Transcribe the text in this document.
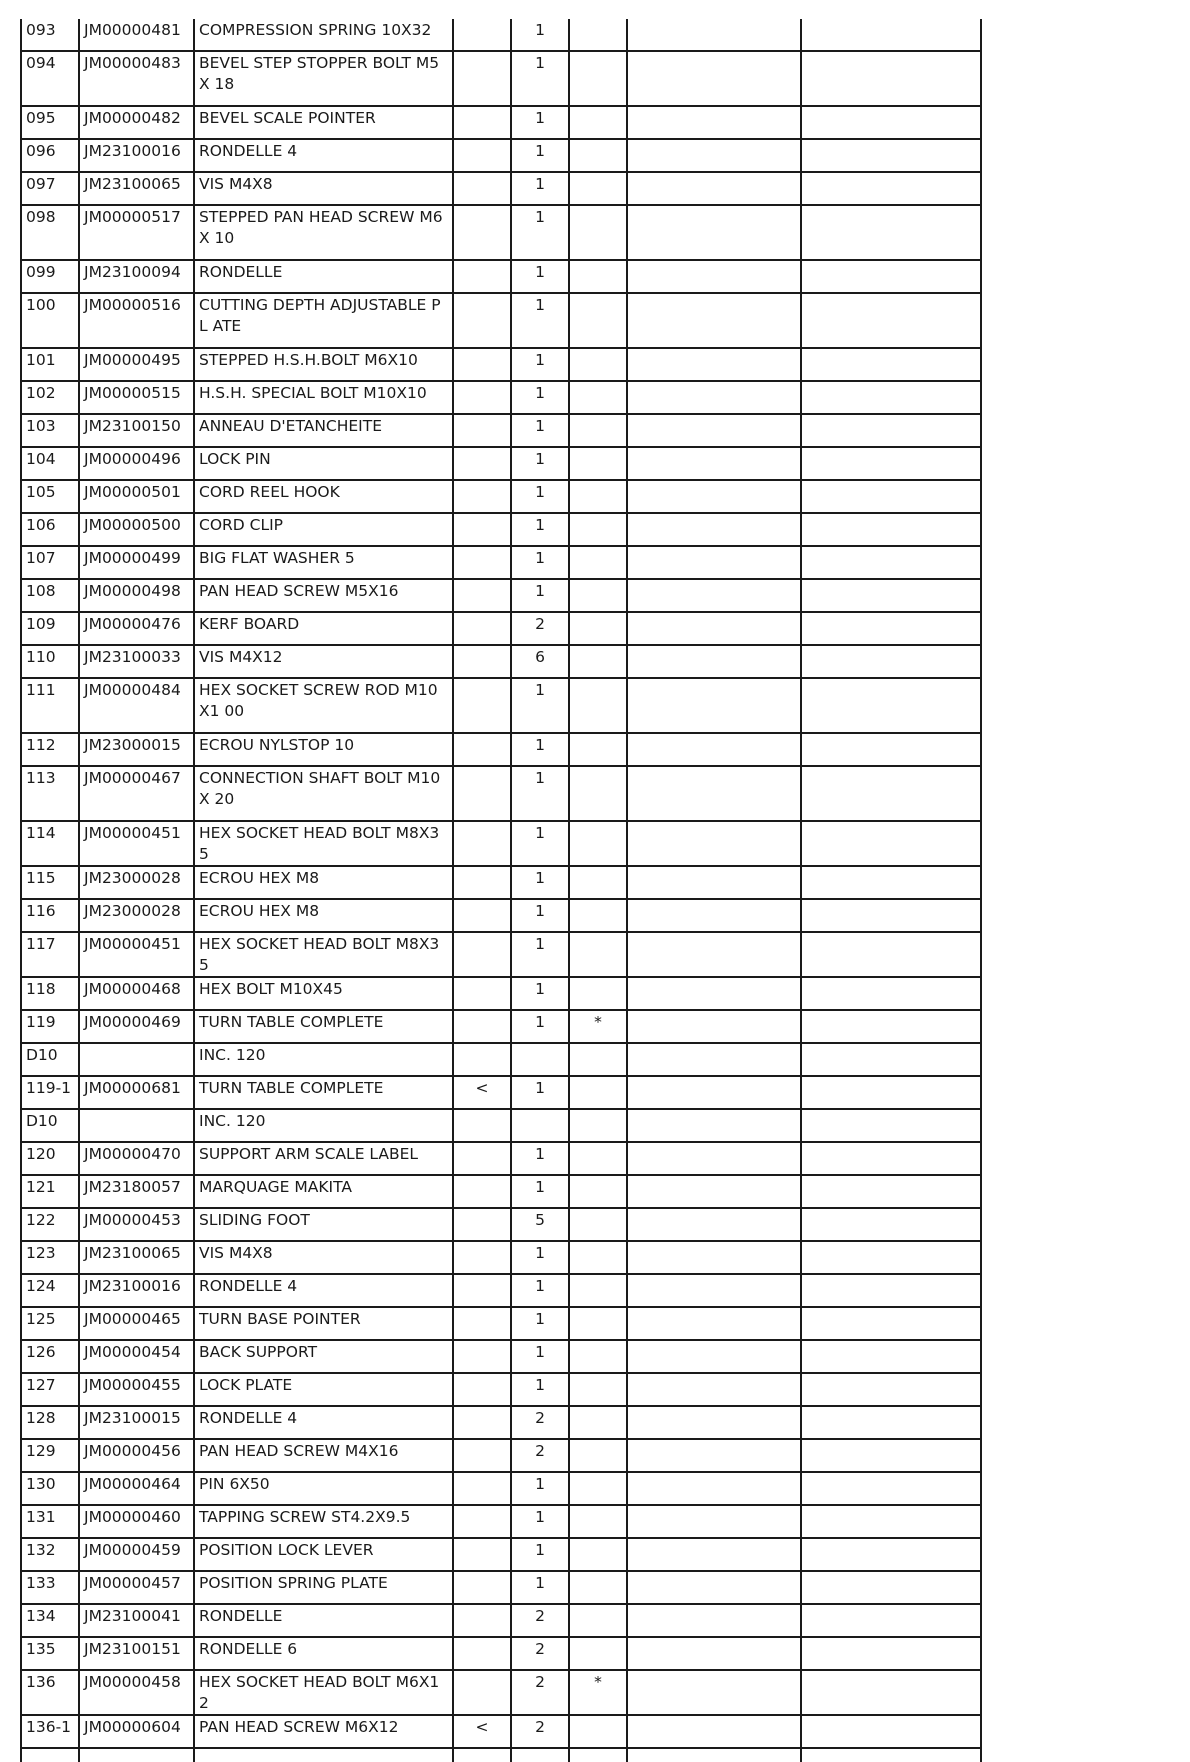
093	JM00000481	COMPRESSION SPRING 10X32		1			
094	JM00000483	BEVEL STEP STOPPER BOLT M5X 18		1			
095	JM00000482	BEVEL SCALE POINTER		1			
096	JM23100016	RONDELLE 4		1			
097	JM23100065	VIS M4X8		1			
098	JM00000517	STEPPED PAN HEAD SCREW M6X 10		1			
099	JM23100094	RONDELLE		1			
100	JM00000516	CUTTING DEPTH ADJUSTABLE PL ATE		1			
101	JM00000495	STEPPED H.S.H.BOLT M6X10		1			
102	JM00000515	H.S.H. SPECIAL BOLT M10X10		1			
103	JM23100150	ANNEAU D'ETANCHEITE		1			
104	JM00000496	LOCK PIN		1			
105	JM00000501	CORD REEL HOOK		1			
106	JM00000500	CORD CLIP		1			
107	JM00000499	BIG FLAT WASHER 5		1			
108	JM00000498	PAN HEAD SCREW M5X16		1			
109	JM00000476	KERF BOARD		2			
110	JM23100033	VIS M4X12		6			
111	JM00000484	HEX SOCKET SCREW ROD M10X1 00		1			
112	JM23000015	ECROU NYLSTOP 10		1			
113	JM00000467	CONNECTION SHAFT BOLT M10X 20		1			
114	JM00000451	HEX SOCKET HEAD BOLT M8X35		1			
115	JM23000028	ECROU HEX M8		1			
116	JM23000028	ECROU HEX M8		1			
117	JM00000451	HEX SOCKET HEAD BOLT M8X35		1			
118	JM00000468	HEX BOLT M10X45		1			
119	JM00000469	TURN TABLE COMPLETE		1	*		
D10		INC. 120					
119-1	JM00000681	TURN TABLE COMPLETE	<	1			
D10		INC. 120					
120	JM00000470	SUPPORT ARM SCALE LABEL		1			
121	JM23180057	MARQUAGE MAKITA		1			
122	JM00000453	SLIDING FOOT		5			
123	JM23100065	VIS M4X8		1			
124	JM23100016	RONDELLE 4		1			
125	JM00000465	TURN BASE POINTER		1			
126	JM00000454	BACK SUPPORT		1			
127	JM00000455	LOCK PLATE		1			
128	JM23100015	RONDELLE 4		2			
129	JM00000456	PAN HEAD SCREW M4X16		2			
130	JM00000464	PIN 6X50		1			
131	JM00000460	TAPPING SCREW ST4.2X9.5		1			
132	JM00000459	POSITION LOCK LEVER		1			
133	JM00000457	POSITION SPRING PLATE		1			
134	JM23100041	RONDELLE		2			
135	JM23100151	RONDELLE 6		2			
136	JM00000458	HEX SOCKET HEAD BOLT M6X12		2	*		
136-1	JM00000604	PAN HEAD SCREW M6X12	<	2			
